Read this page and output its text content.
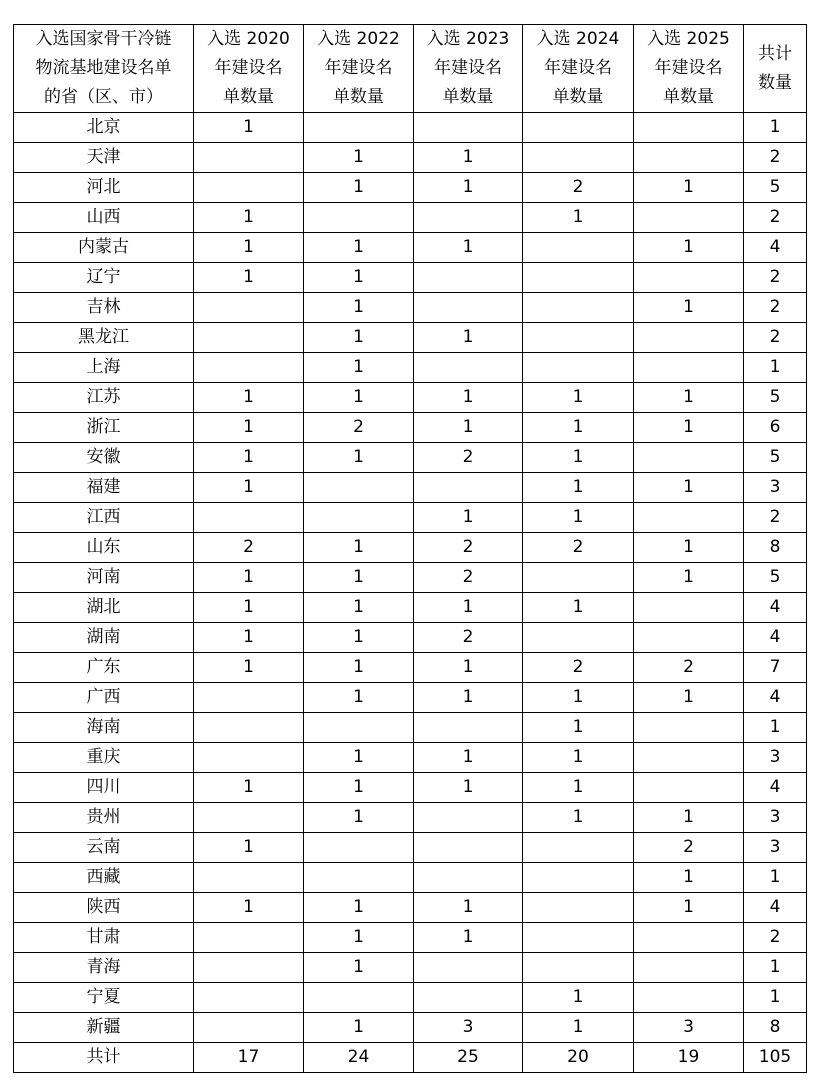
入选国家骨干冷链
物流基地建设名单
的省（区、市）	入选 2020
年建设名
单数量	入选 2022
年建设名
单数量	入选 2023
年建设名
单数量	入选 2024
年建设名
单数量	入选 2025
年建设名
单数量	共计
数量

北京	1					1
天津		1	1			2
河北		1	1	2	1	5
山西	1			1		2
内蒙古	1	1	1		1	4
辽宁	1	1				2
吉林		1			1	2
黑龙江		1	1			2
上海		1				1
江苏	1	1	1	1	1	5
浙江	1	2	1	1	1	6
安徽	1	1	2	1		5
福建	1			1	1	3
江西			1	1		2
山东	2	1	2	2	1	8
河南	1	1	2		1	5
湖北	1	1	1	1		4
湖南	1	1	2			4
广东	1	1	1	2	2	7
广西		1	1	1	1	4
海南				1		1
重庆		1	1	1		3
四川	1	1	1	1		4
贵州		1		1	1	3
云南	1				2	3
西藏					1	1
陕西	1	1	1		1	4
甘肃		1	1			2
青海		1				1
宁夏				1		1
新疆		1	3	1	3	8
共计	17	24	25	20	19	105
